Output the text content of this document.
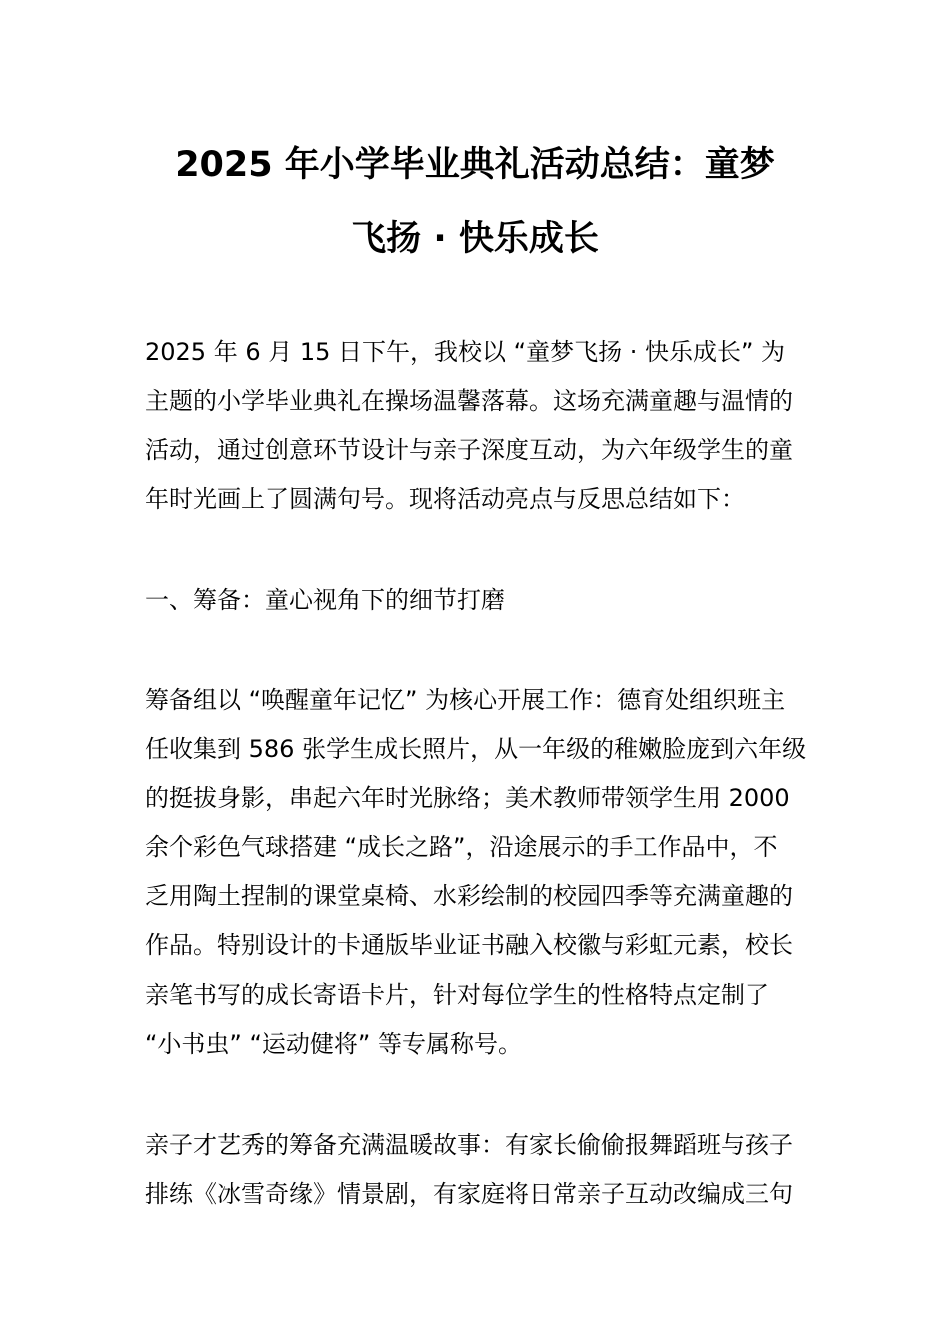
2025 年小学毕业典礼活动总结：童梦
飞扬 · 快乐成长
2025 年 6 月 15 日下午，我校以 “童梦飞扬 · 快乐成长” 为
主题的小学毕业典礼在操场温馨落幕。这场充满童趣与温情的
活动，通过创意环节设计与亲子深度互动，为六年级学生的童
年时光画上了圆满句号。现将活动亮点与反思总结如下：
一、筹备：童心视角下的细节打磨
筹备组以 “唤醒童年记忆” 为核心开展工作：德育处组织班主
任收集到 586 张学生成长照片，从一年级的稚嫩脸庞到六年级
的挺拔身影，串起六年时光脉络；美术教师带领学生用 2000
余个彩色气球搭建 “成长之路”，沿途展示的手工作品中，不
乏用陶土捏制的课堂桌椅、水彩绘制的校园四季等充满童趣的
作品。特别设计的卡通版毕业证书融入校徽与彩虹元素，校长
亲笔书写的成长寄语卡片，针对每位学生的性格特点定制了
“小书虫” “运动健将” 等专属称号。
亲子才艺秀的筹备充满温暖故事：有家长偷偷报舞蹈班与孩子
排练《冰雪奇缘》情景剧，有家庭将日常亲子互动改编成三句
